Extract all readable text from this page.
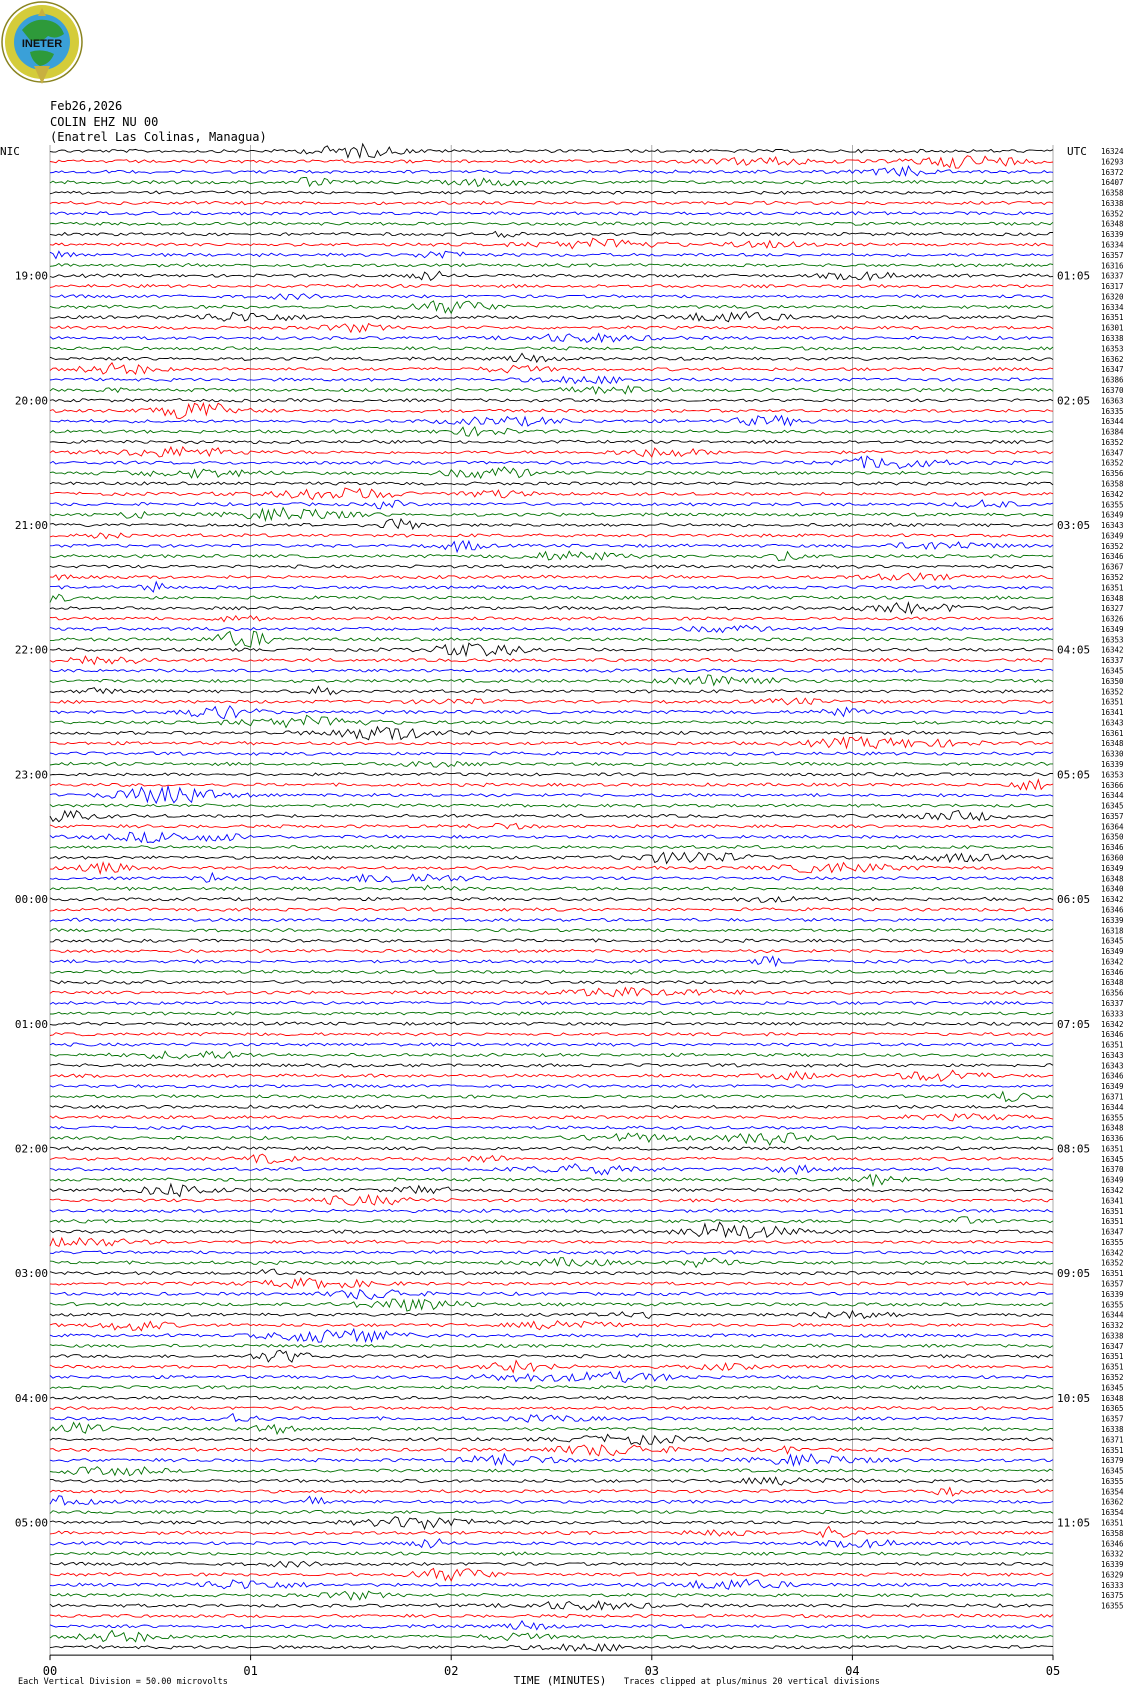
INETER
Feb26,2026
COLIN EHZ NU 00
(Enatrel Las Colinas, Managua)
16324
16293
16372
16407
16358
16338
16352
16348
16339
16334
16357
16316
16337
16317
16320
16334
16351
16301
16338
16353
16362
16347
16386
16370
16363
16335
16344
16384
16352
16347
16352
16356
16358
16342
16355
16349
16343
16349
16352
16346
16367
16352
16351
16348
16327
16326
16349
16353
16342
16337
16345
16350
16352
16351
16341
16343
16361
16348
16330
16339
16353
16366
16344
16345
16357
16364
16350
16346
16360
16349
16348
16340
16342
16346
16339
16318
16345
16349
16342
16346
16348
16356
16337
16333
16342
16346
16351
16343
16343
16346
16349
16371
16344
16355
16348
16336
16351
16345
16370
16349
16342
16341
16351
16351
16347
16355
16342
16352
16351
16357
16339
16355
16344
16332
16338
16347
16351
16351
16352
16345
16348
16365
16357
16338
16371
16351
16379
16345
16355
16354
16362
16354
16351
16358
16346
16332
16339
16329
16333
16375
16355
NIC	UTC
19:00	01:05
20:00	02:05
21:00	03:05
22:00	04:05
23:00	05:05
00:00	06:05
01:00	07:05
02:00	08:05
03:00	09:05
04:00	10:05
05:00	11:05
00	01	02	03	04	05
TIME (MINUTES)
Each Vertical Division = 50.00 microvolts	Traces clipped at plus/minus 20 vertical divisions
